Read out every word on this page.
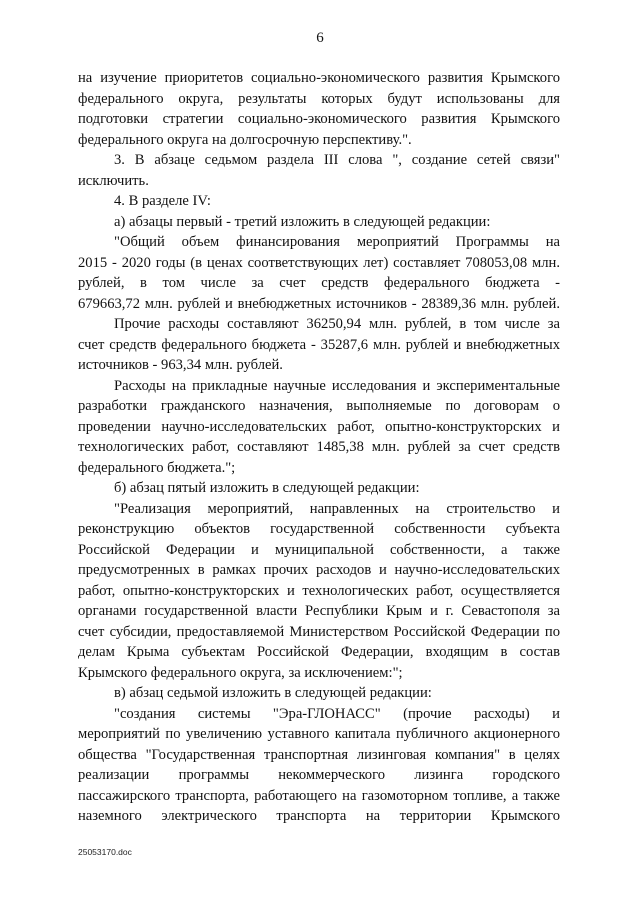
6
на изучение приоритетов социально-экономического развития Крымского
федерального округа, результаты которых будут использованы для
подготовки стратегии социально-экономического развития Крымского
федерального округа на долгосрочную перспективу.".
3. В абзаце седьмом раздела III слова ", создание сетей связи"
исключить.
4. В разделе IV:
а) абзацы первый - третий изложить в следующей редакции:
"Общий объем финансирования мероприятий Программы на
2015 - 2020 годы (в ценах соответствующих лет) составляет 708053,08 млн.
рублей, в том числе за счет средств федерального бюджета -
679663,72 млн. рублей и внебюджетных источников - 28389,36 млн. рублей.
Прочие расходы составляют 36250,94 млн. рублей, в том числе за
счет средств федерального бюджета - 35287,6 млн. рублей и внебюджетных
источников - 963,34 млн. рублей.
Расходы на прикладные научные исследования и экспериментальные
разработки гражданского назначения, выполняемые по договорам о
проведении научно-исследовательских работ, опытно-конструкторских и
технологических работ, составляют 1485,38 млн. рублей за счет средств
федерального бюджета.";
б) абзац пятый изложить в следующей редакции:
"Реализация мероприятий, направленных на строительство и
реконструкцию объектов государственной собственности субъекта
Российской Федерации и муниципальной собственности, а также
предусмотренных в рамках прочих расходов и научно-исследовательских
работ, опытно-конструкторских и технологических работ, осуществляется
органами государственной власти Республики Крым и г. Севастополя за
счет субсидии, предоставляемой Министерством Российской Федерации по
делам Крыма субъектам Российской Федерации, входящим в состав
Крымского федерального округа, за исключением:";
в) абзац седьмой изложить в следующей редакции:
"создания системы "Эра-ГЛОНАСС" (прочие расходы) и
мероприятий по увеличению уставного капитала публичного акционерного
общества "Государственная транспортная лизинговая компания" в целях
реализации программы некоммерческого лизинга городского
пассажирского транспорта, работающего на газомоторном топливе, а также
наземного электрического транспорта на территории Крымского
25053170.doc
